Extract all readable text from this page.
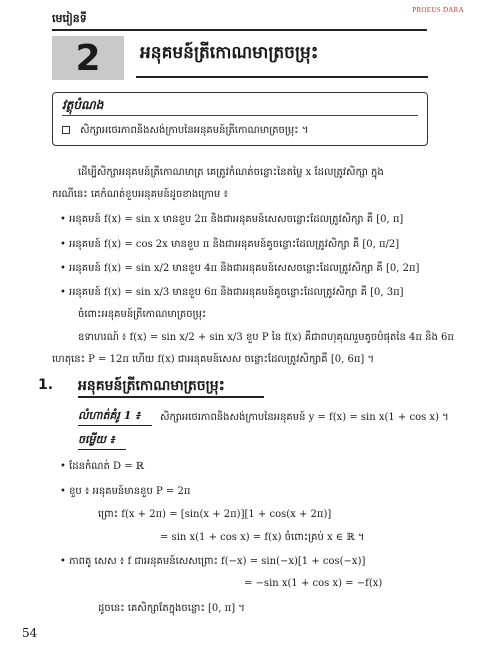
PROEUS DARA
មេរៀនទី
2 អនុគមន៍ត្រីកោណមាត្រចម្រុះ
វត្ថុបំណង
សិក្សាអថេរភាពនិងសង់ក្រាបនៃអនុគមន៍ត្រីកោណមាត្រចម្រុះ ។
ដើម្បីសិក្សាអនុគមន៍ត្រីកោណមាត្រ គេត្រូវកំណត់ចន្លោះនៃតម្លៃ x ដែលត្រូវសិក្សា ក្នុង
ករណីនេះ គេកំណត់ខួបអនុគមន៍ដូចខាងក្រោម ៖
• អនុគមន៍ f(x) = sin x មានខួប 2π និងជាអនុគមន៍សេសចន្លោះដែលត្រូវសិក្សា គឺ [0, π]
• អនុគមន៍ f(x) = cos 2x មានខួប π និងជាអនុគមន៍គូចន្លោះដែលត្រូវសិក្សា គឺ [0, π/2]
• អនុគមន៍ f(x) = sin x/2 មានខួប 4π និងជាអនុគមន៍សេសចន្លោះដែលត្រូវសិក្សា គឺ [0, 2π]
• អនុគមន៍ f(x) = sin x/3 មានខួប 6π និងជាអនុគមន៍គូចន្លោះដែលត្រូវសិក្សា គឺ [0, 3π]
ចំពោះអនុគមន៍ត្រីកោណមាត្រចម្រុះ
ឧទាហរណ៍ ៖ f(x) = sin x/2 + sin x/3 ខួប P នៃ f(x) គឺជាពហុគុណរួមតូចបំផុតនៃ 4π និង 6π
ហេតុនេះ P = 12π ហើយ f(x) ជាអនុគមន៍សេស ចន្លោះដែលត្រូវសិក្សាគឺ [0, 6π] ។
1. អនុគមន៍ត្រីកោណមាត្រចម្រុះ
លំហាត់គំរូ 1 ៖ សិក្សាអថេរភាពនិងសង់ក្រាបនៃអនុគមន៍ y = f(x) = sin x(1 + cos x) ។
ចម្លើយ ៖
• ដែនកំណត់ D = ℝ
• ខួប ៖ អនុគមន៍មានខួប P = 2π
ព្រោះ f(x + 2π) = [sin(x + 2π)][1 + cos(x + 2π)]
= sin x(1 + cos x) = f(x) ចំពោះគ្រប់ x ∈ ℝ ។
• ភាពគូ សេស ៖ f ជាអនុគមន៍សេសព្រោះ f(−x) = sin(−x)[1 + cos(−x)]
= −sin x(1 + cos x) = −f(x)
ដូចនេះ គេសិក្សាតែក្នុងចន្លោះ [0, π] ។
54
